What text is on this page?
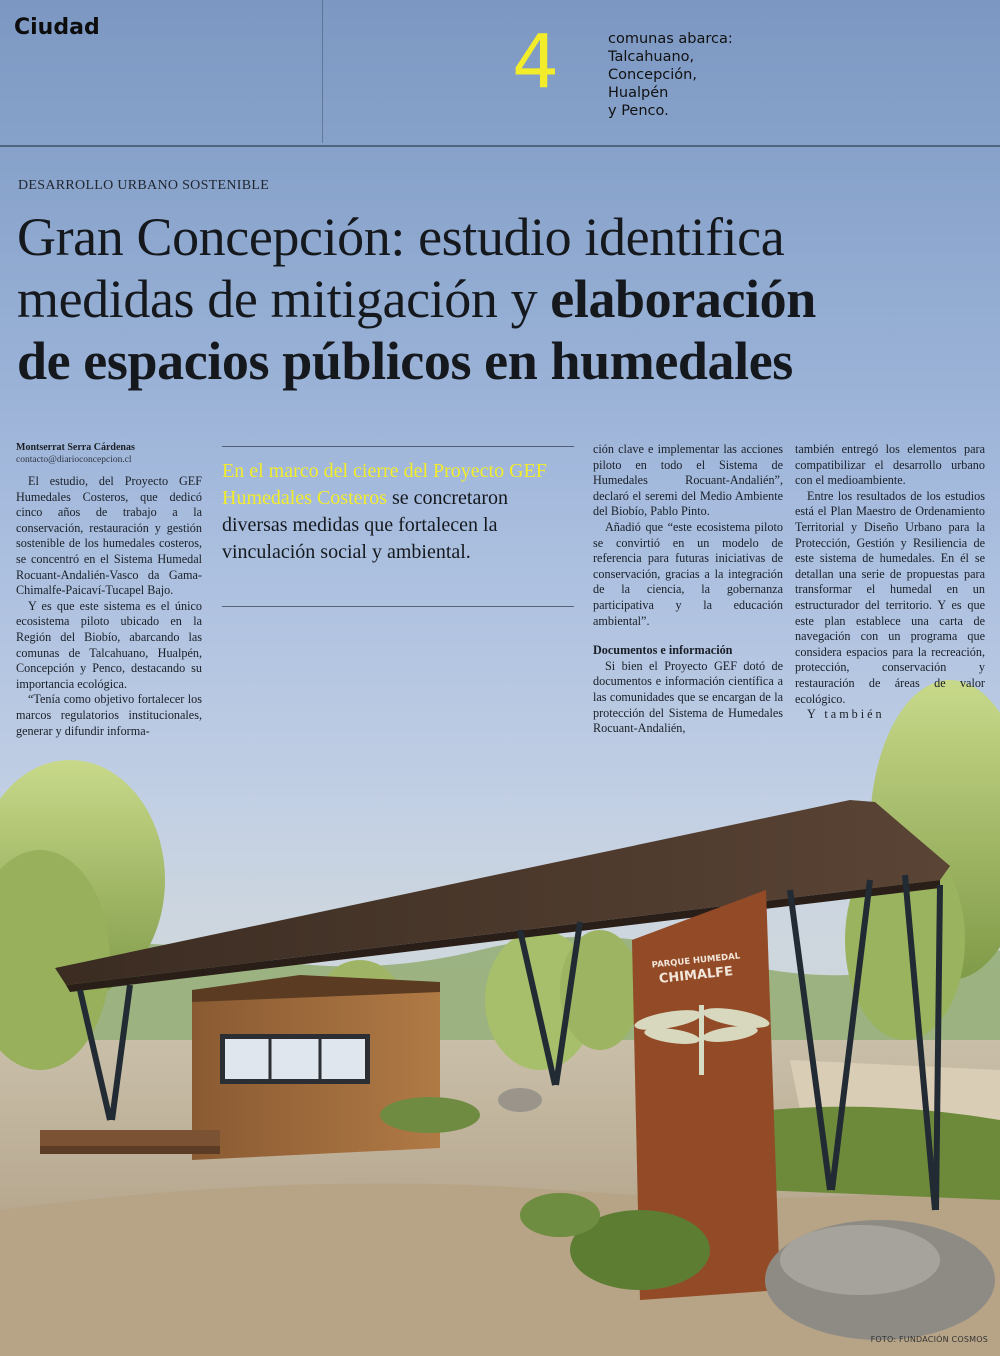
Ciudad	4	comunas abarca:
Talcahuano,
Concepción,
Hualpén
y Penco.
DESARROLLO URBANO SOSTENIBLE
Gran Concepción: estudio identifica
medidas de mitigación y elaboración
de espacios públicos en humedales
Montserrat Serra Cárdenas
contacto@diarioconcepcion.cl

El estudio, del Proyecto GEF Humedales Costeros, que dedicó cinco años de trabajo a la conservación, restauración y gestión sostenible de los humedales costeros, se concentró en el Sistema Humedal Rocuant-Andalién-Vasco da Gama-Chimalfe-Paicaví-Tucapel Bajo.

Y es que este sistema es el único ecosistema piloto ubicado en la Región del Biobío, abarcando las comunas de Talcahuano, Hualpén, Concepción y Penco, destacando su importancia ecológica.

“Tenía como objetivo fortalecer los marcos regulatorios institucionales, generar y difundir informa-

En el marco del cierre del Proyecto GEF Humedales Costeros se concretaron diversas medidas que fortalecen la vinculación social y ambiental.

ción clave e implementar las acciones piloto en todo el Sistema de Humedales Rocuant-Andalién”, declaró el seremi del Medio Ambiente del Biobío, Pablo Pinto.

Añadió que “este ecosistema piloto se convirtió en un modelo de referencia para futuras iniciativas de conservación, gracias a la integración de la ciencia, la gobernanza participativa y la educación ambiental”.

Documentos e información

Si bien el Proyecto GEF dotó de documentos e información científica a las comunidades que se encargan de la protección del Sistema de Humedales Rocuant-Andalién,

también entregó los elementos para compatibilizar el desarrollo urbano con el medioambiente.

Entre los resultados de los estudios está el Plan Maestro de Ordenamiento Territorial y Diseño Urbano para la Protección, Gestión y Resiliencia de este sistema de humedales. En él se detallan una serie de propuestas para transformar el humedal en un estructurador del territorio. Y es que este plan establece una carta de navegación con un programa que considera espacios para la recreación, protección, conservación y restauración de áreas de valor ecológico.

Y también

PARQUE HUMEDAL
CHIMALFE
FOTO: FUNDACIÓN COSMOS
